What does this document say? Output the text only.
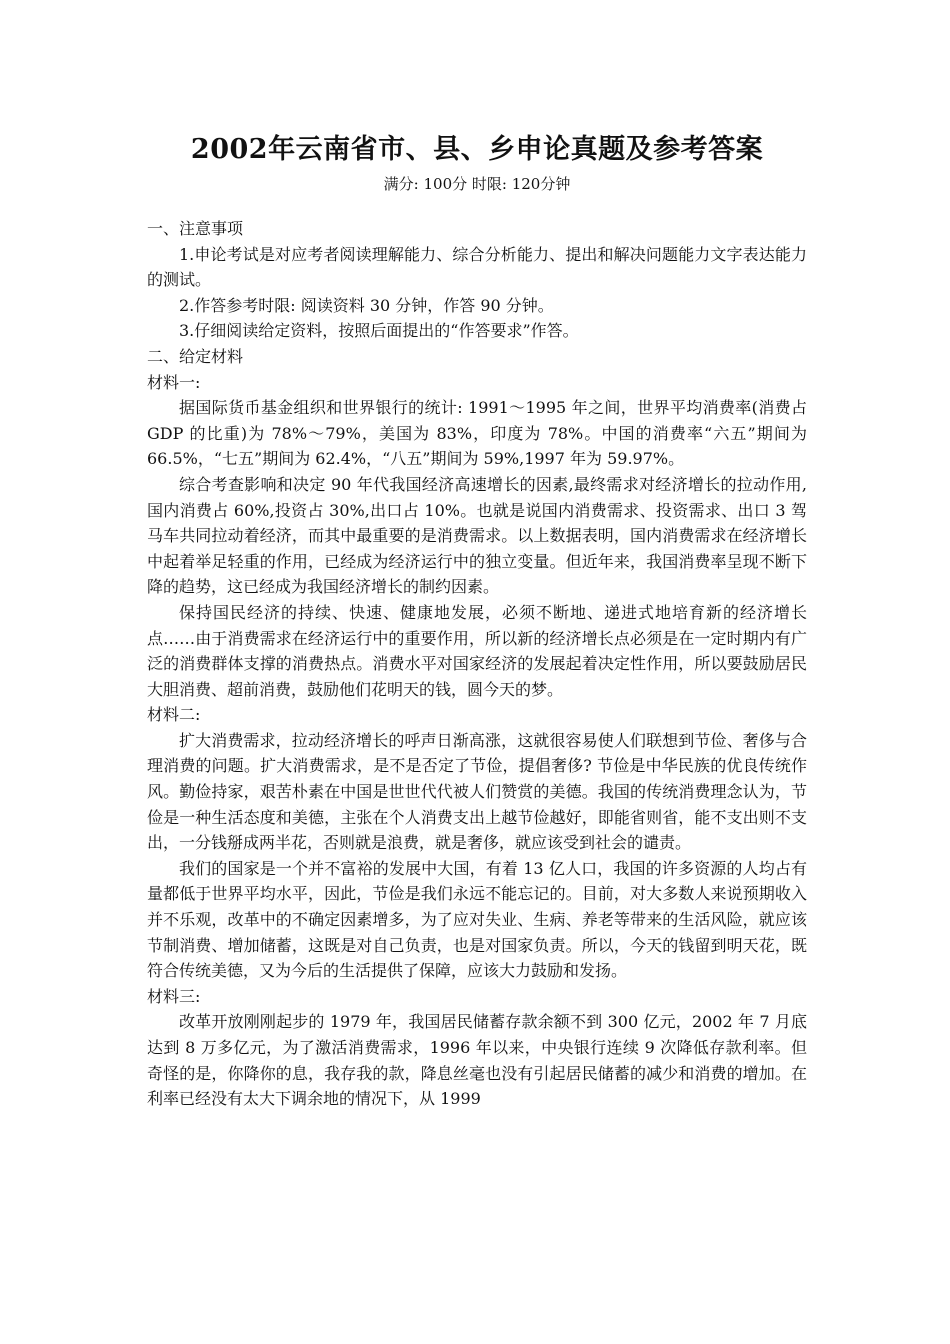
2002年云南省市、县、乡申论真题及参考答案
满分: 100分 时限: 120分钟

一、注意事项

1.申论考试是对应考者阅读理解能力、综合分析能力、提出和解决问题能力文字表达能力的测试。

2.作答参考时限: 阅读资料 30 分钟，作答 90 分钟。

3.仔细阅读给定资料，按照后面提出的“作答要求”作答。

二、给定材料

材料一:

据国际货币基金组织和世界银行的统计: 1991～1995 年之间，世界平均消费率(消费占 GDP 的比重)为 78%～79%，美国为 83%，印度为 78%。中国的消费率“六五”期间为 66.5%，“七五”期间为 62.4%，“八五”期间为 59%,1997 年为 59.97%。

综合考查影响和决定 90 年代我国经济高速增长的因素,最终需求对经济增长的拉动作用,国内消费占 60%,投资占 30%,出口占 10%。也就是说国内消费需求、投资需求、出口 3 驾马车共同拉动着经济，而其中最重要的是消费需求。以上数据表明，国内消费需求在经济增长中起着举足轻重的作用，已经成为经济运行中的独立变量。但近年来，我国消费率呈现不断下降的趋势，这已经成为我国经济增长的制约因素。

保持国民经济的持续、快速、健康地发展，必须不断地、递进式地培育新的经济增长点……由于消费需求在经济运行中的重要作用，所以新的经济增长点必须是在一定时期内有广泛的消费群体支撑的消费热点。消费水平对国家经济的发展起着决定性作用，所以要鼓励居民大胆消费、超前消费，鼓励他们花明天的钱，圆今天的梦。

材料二:

扩大消费需求，拉动经济增长的呼声日渐高涨，这就很容易使人们联想到节俭、奢侈与合理消费的问题。扩大消费需求，是不是否定了节俭，提倡奢侈? 节俭是中华民族的优良传统作风。勤俭持家，艰苦朴素在中国是世世代代被人们赞赏的美德。我国的传统消费理念认为，节俭是一种生活态度和美德，主张在个人消费支出上越节俭越好，即能省则省，能不支出则不支出，一分钱掰成两半花，否则就是浪费，就是奢侈，就应该受到社会的谴责。

我们的国家是一个并不富裕的发展中大国，有着 13 亿人口，我国的许多资源的人均占有量都低于世界平均水平，因此，节俭是我们永远不能忘记的。目前，对大多数人来说预期收入并不乐观，改革中的不确定因素增多，为了应对失业、生病、养老等带来的生活风险，就应该节制消费、增加储蓄，这既是对自己负责，也是对国家负责。所以，今天的钱留到明天花，既符合传统美德，又为今后的生活提供了保障，应该大力鼓励和发扬。

材料三:

改革开放刚刚起步的 1979 年，我国居民储蓄存款余额不到 300 亿元，2002 年 7 月底达到 8 万多亿元，为了激活消费需求，1996 年以来，中央银行连续 9 次降低存款利率。但奇怪的是，你降你的息，我存我的款，降息丝毫也没有引起居民储蓄的减少和消费的增加。在利率已经没有太大下调余地的情况下，从 1999
